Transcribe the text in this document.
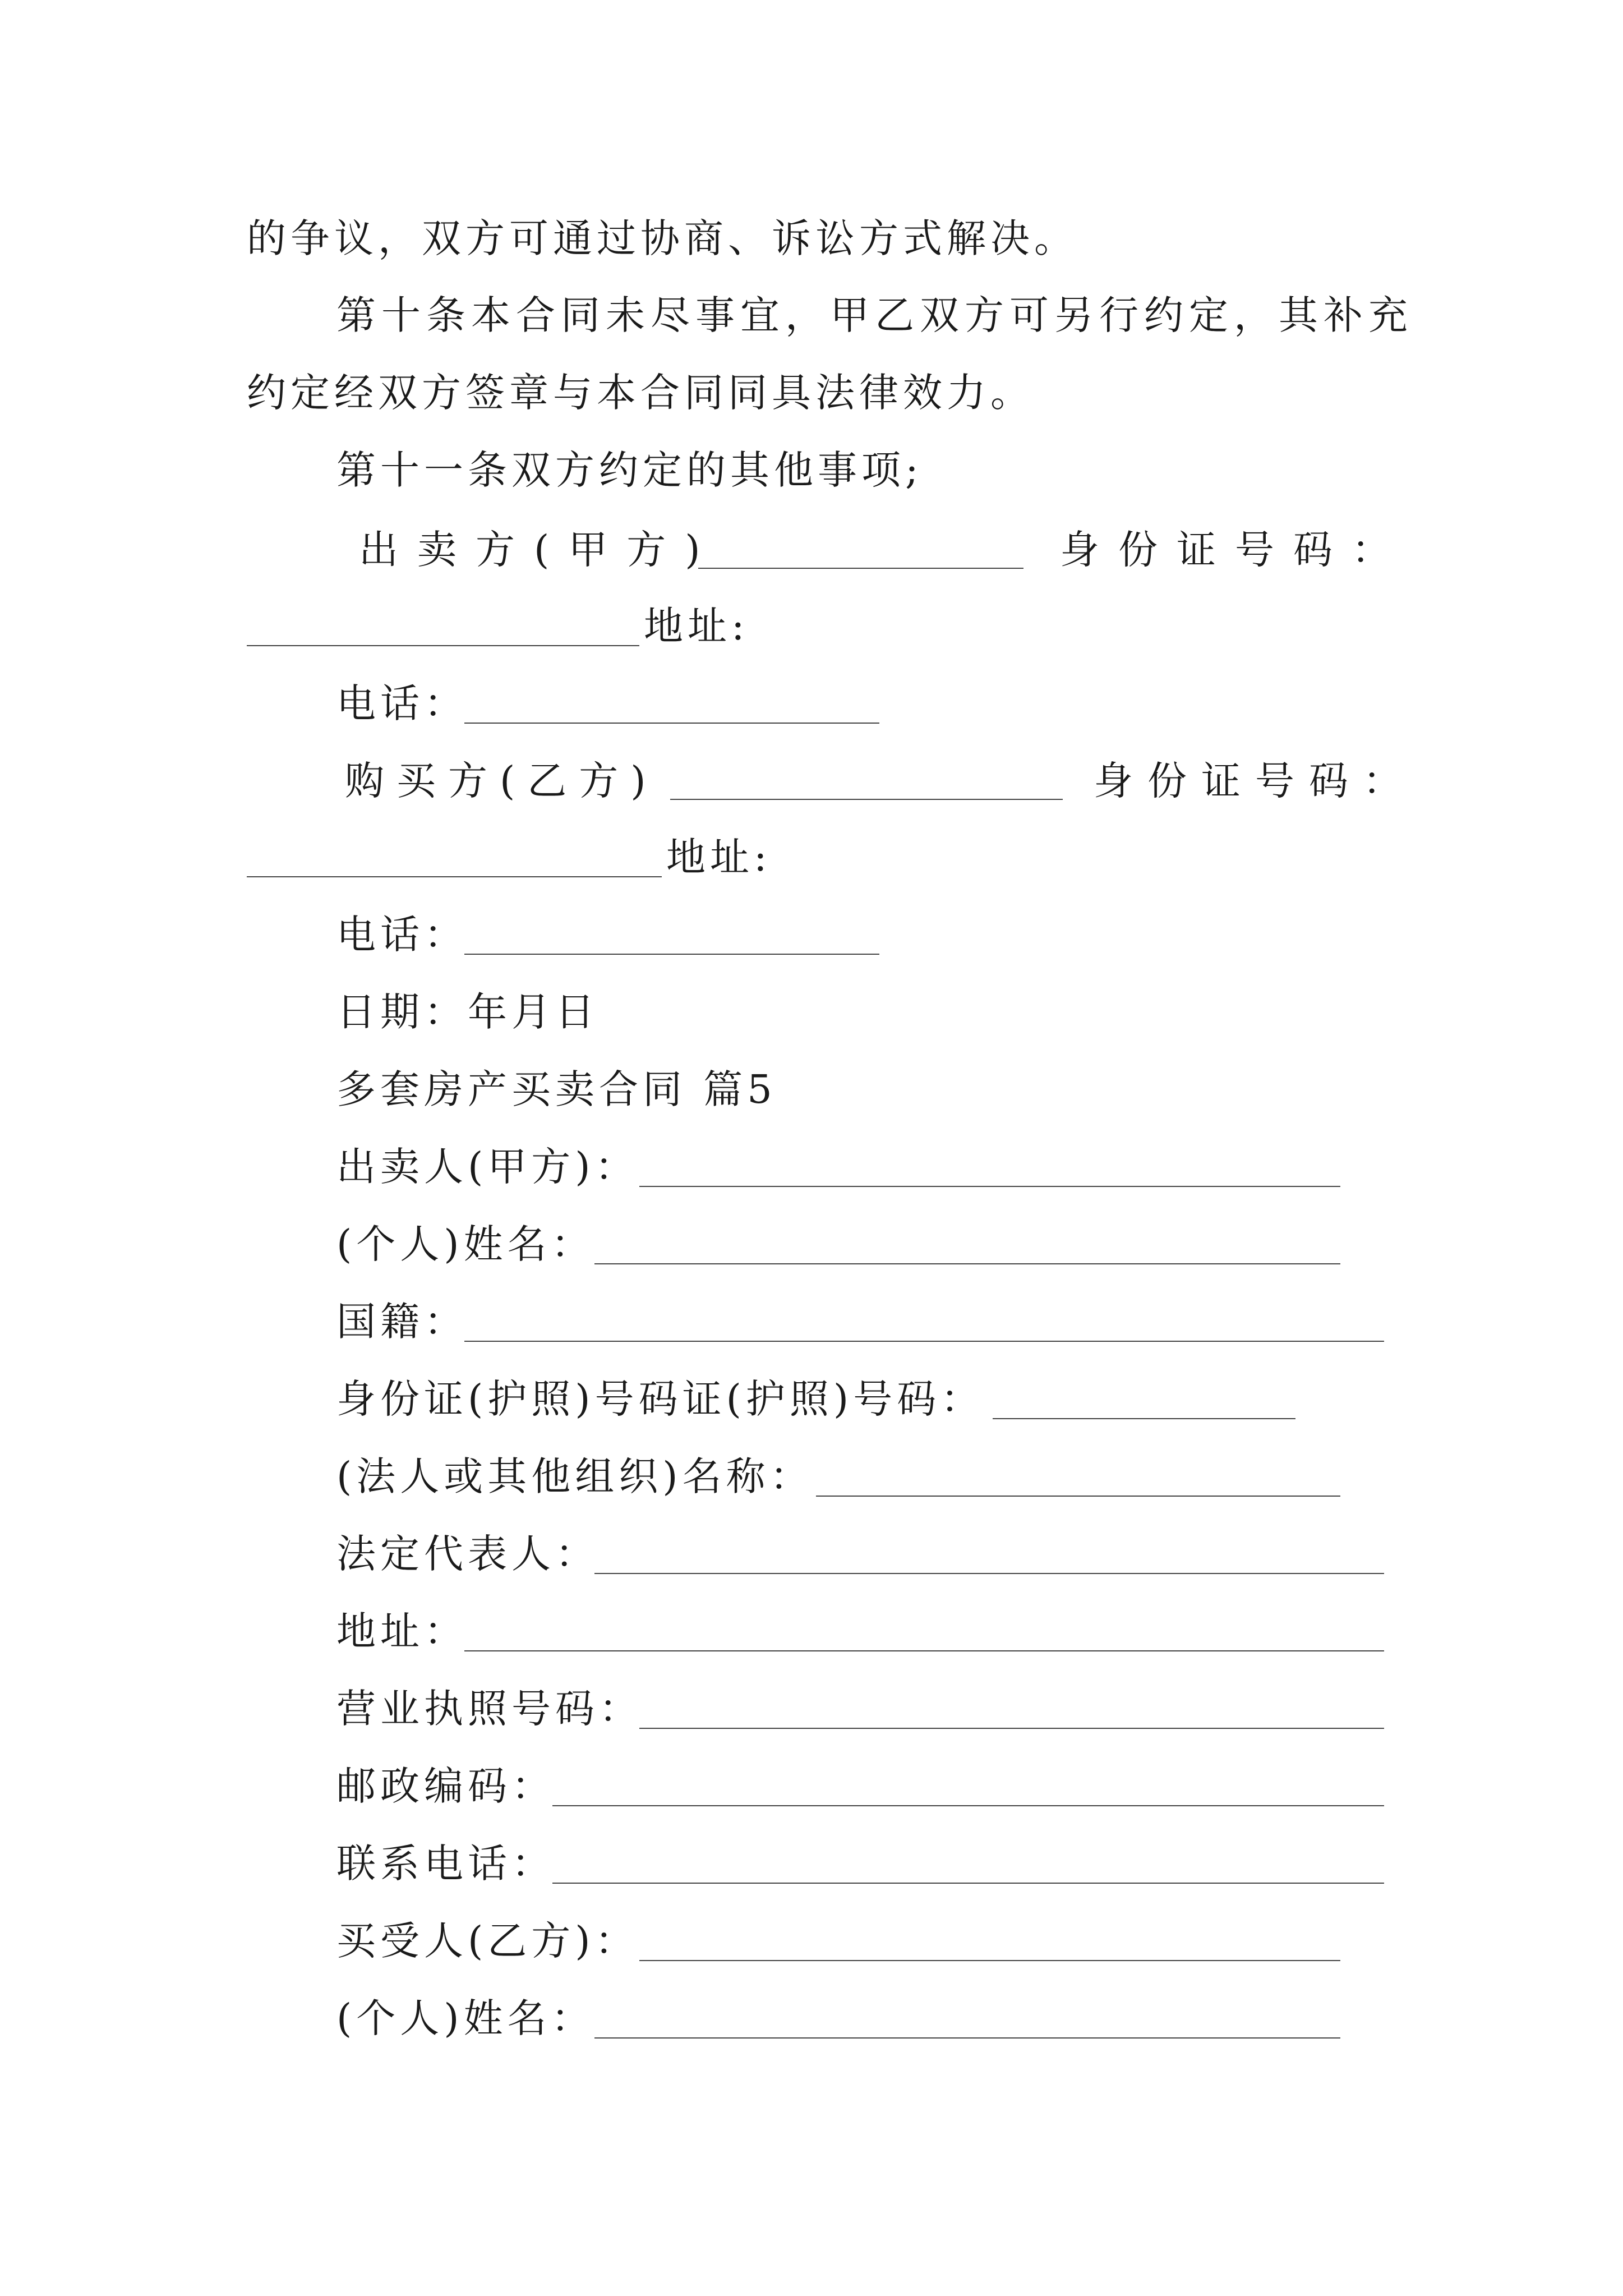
的争议，双方可通过协商、诉讼方式解决。
第十条本合同未尽事宜，甲乙双方可另行约定，其补充
约定经双方签章与本合同同具法律效力。
第十一条双方约定的其他事项;
出卖方(甲方)	身份证号码：
地址:
电话：
购买方(乙方)	身份证号码：
地址:
电话：
日期：年月日
多套房产买卖合同 篇5
出卖人(甲方)：
(个人)姓名：
国籍：
身份证(护照)号码证(护照)号码：
(法人或其他组织)名称：
法定代表人：
地址：
营业执照号码：
邮政编码：
联系电话：
买受人(乙方)：
(个人)姓名：
